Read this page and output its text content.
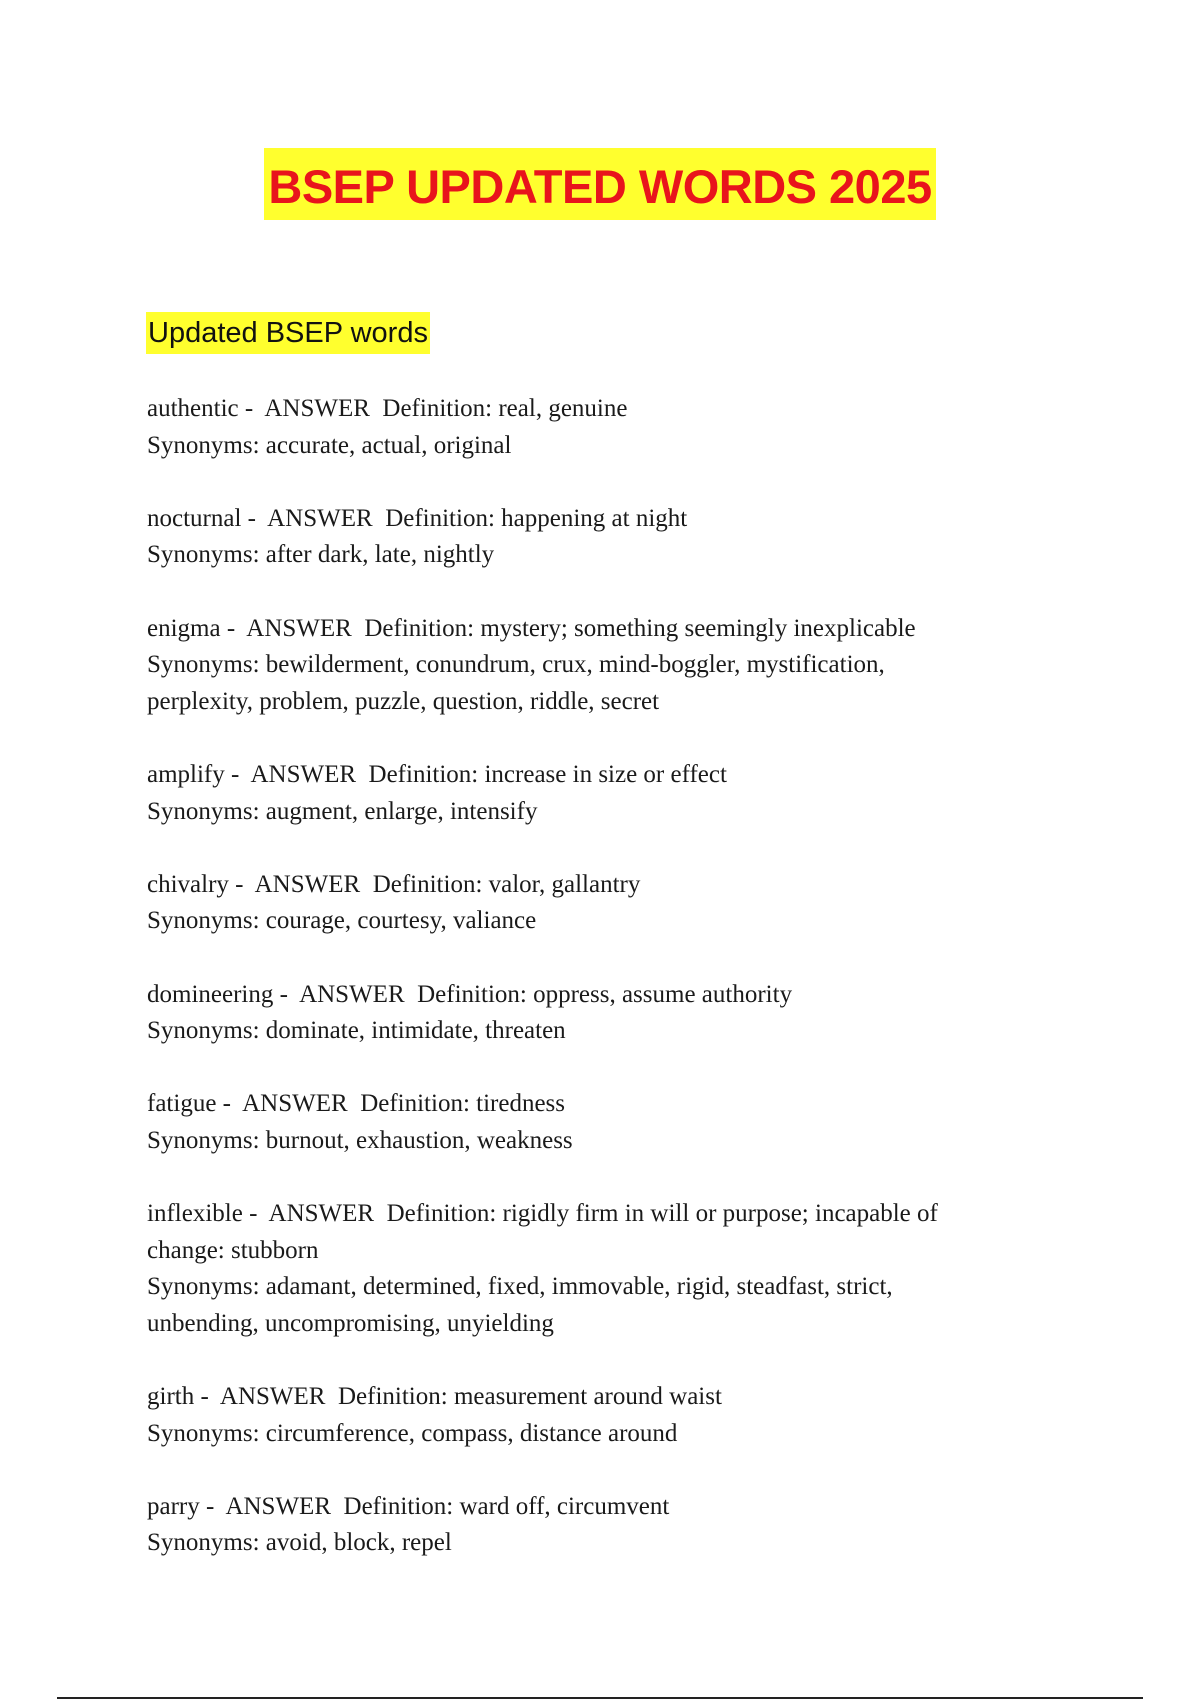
BSEP UPDATED WORDS 2025
Updated BSEP words
authentic -  ANSWER Definition: real, genuine
Synonyms: accurate, actual, original
nocturnal -  ANSWER Definition: happening at night
Synonyms: after dark, late, nightly
enigma -  ANSWER Definition: mystery; something seemingly inexplicable
Synonyms: bewilderment, conundrum, crux, mind-boggler, mystification,
perplexity, problem, puzzle, question, riddle, secret
amplify -  ANSWER Definition: increase in size or effect
Synonyms: augment, enlarge, intensify
chivalry -  ANSWER Definition: valor, gallantry
Synonyms: courage, courtesy, valiance
domineering -  ANSWER Definition: oppress, assume authority
Synonyms: dominate, intimidate, threaten
fatigue -  ANSWER Definition: tiredness
Synonyms: burnout, exhaustion, weakness
inflexible -  ANSWER Definition: rigidly firm in will or purpose; incapable of
change: stubborn
Synonyms: adamant, determined, fixed, immovable, rigid, steadfast, strict,
unbending, uncompromising, unyielding
girth -  ANSWER Definition: measurement around waist
Synonyms: circumference, compass, distance around
parry -  ANSWER Definition: ward off, circumvent
Synonyms: avoid, block, repel
